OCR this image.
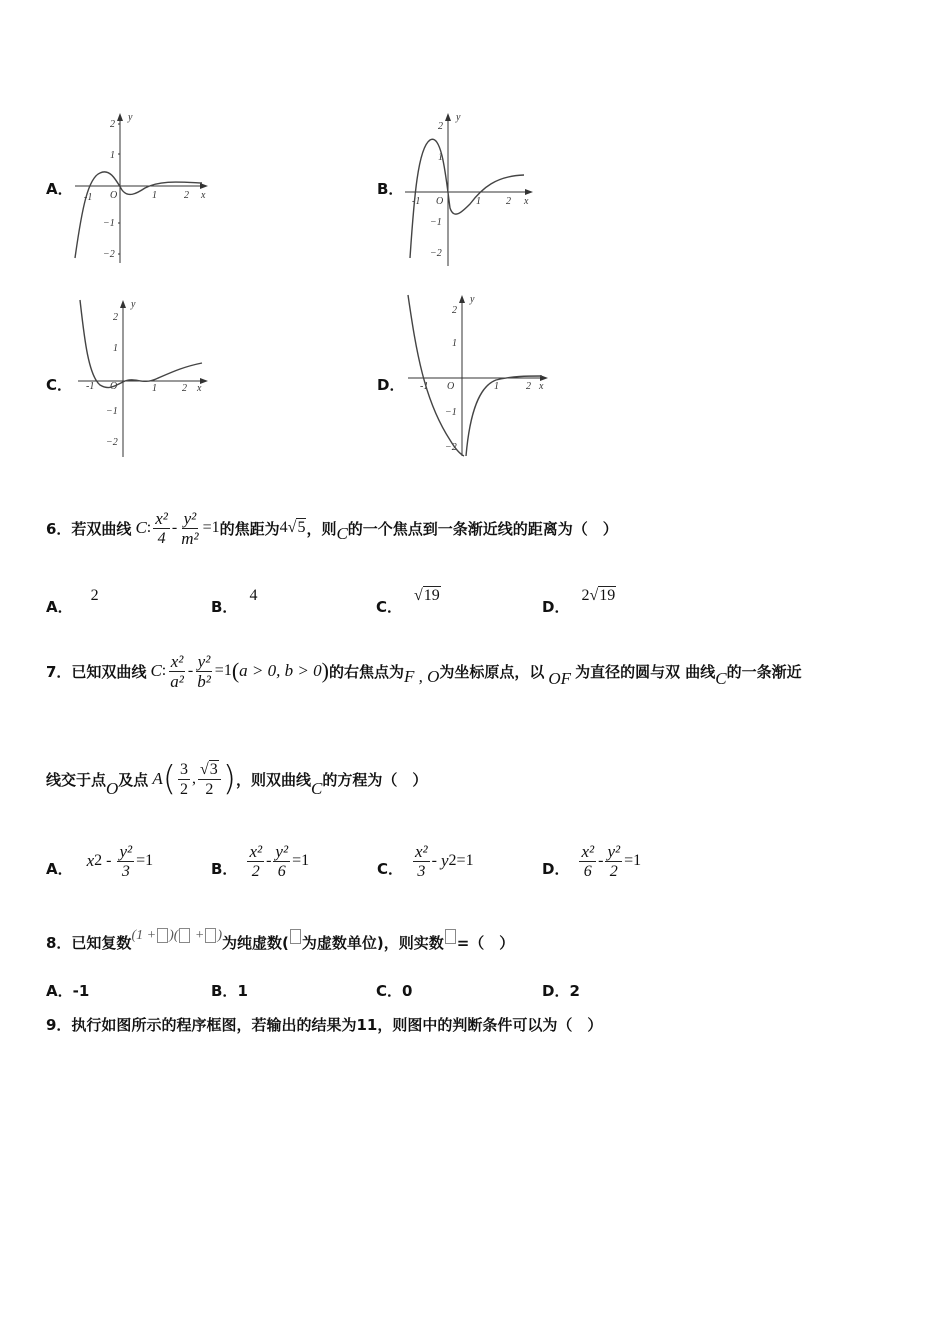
A．
2
1
−1
−2
y
x
O
-1	1	2	B．
2
1
−1
−2
y
x
O
-1	1	2
C．
2
1
−1
−2
y
x
O
-1	1	2	D．
2
1
−1
−2
y
x
O
-1	1	2
6．若双曲线 C : $\frac{\text{x²}}{4} - \frac{\text{y²}}{\text{m²}} =1$ 的焦距为 4 √5 ，则 C 的一个焦点到一条渐近线的距离为（　）
A．
2
B．
4
C．
√19
D．
2 √19
7．已知双曲线 C : $\frac{\text{x²}}{\text{a²}} - \frac{\text{y²}}{\text{b²}} =1$ ( a > 0, b > 0 ) 的右焦点为 F , O 为坐标原点，以 OF 为直径的圆与双 曲线 C 的一条渐近
线交于点 O 及点 A ( $\frac{3}{2}$ , $\frac{√3}{2}$ ) ，则双曲线 C 的方程为（　）
A． x $2 - \frac{\text{y²}}{3} =1$	B． $\frac{\text{x²}}{2} - \frac{\text{y²}}{6} =1$	C． $\frac{\text{x²}}{3}$ - y 2 =1	D． $\frac{\text{x²}}{6} - \frac{\text{y²}}{2} =1$
8．已知复数 (1 + )( + ) 为纯虚数( 为虚数单位)，则实数 =（　）
A．-1	B．1	C．0	D．2
9．执行如图所示的程序框图，若输出的结果为11，则图中的判断条件可以为（　）
